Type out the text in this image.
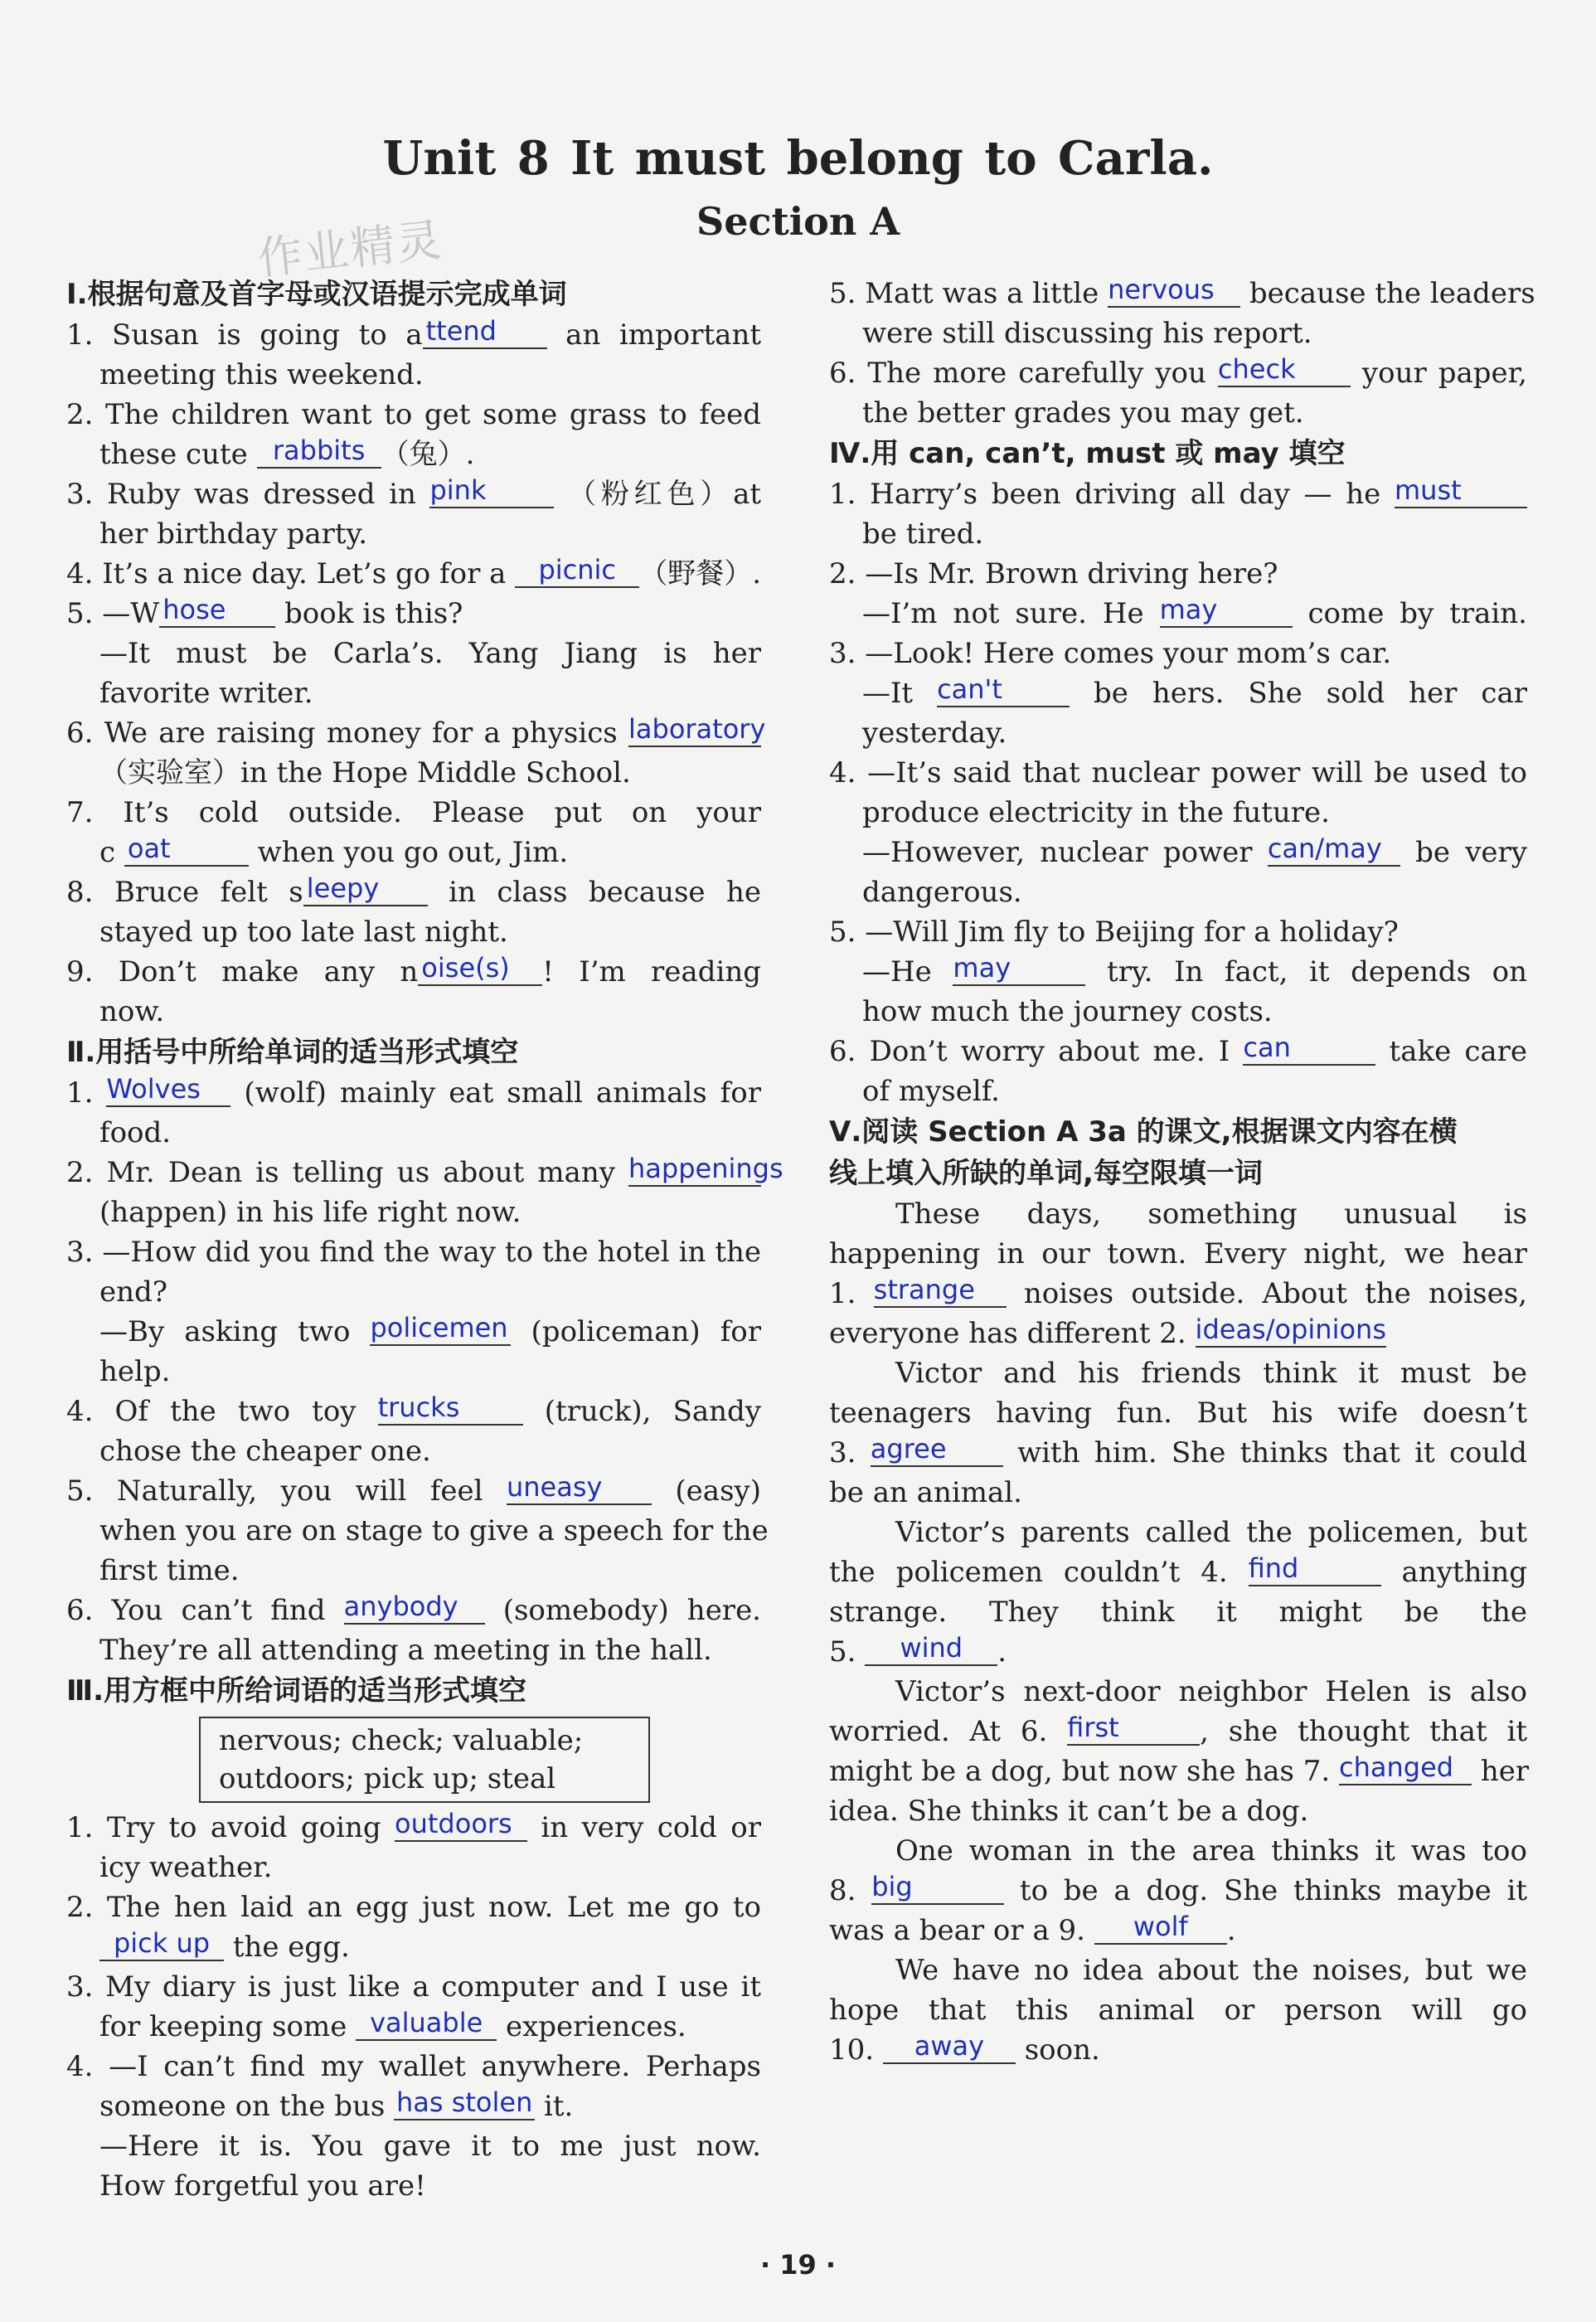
Unit 8 It must belong to Carla.
Section A
作业精灵
Ⅰ.根据句意及首字母或汉语提示完成单词
1. Susan is going to a ttend an important
meeting this weekend.
2. The children want to get some grass to feed
these cute rabbits （兔）.
3. Ruby was dressed in pink	（粉红色）at
her birthday party.
4. It’s a nice day. Let’s go for a	picnic （野餐）.
5. —W hose book is this?
—It must be Carla’s. Yang Jiang is her
favorite writer.
6. We are raising money for a physics laboratory
（实验室）in the Hope Middle School.
7. It’s cold outside. Please put on your
c oat	when you go out, Jim.
8. Bruce felt s leepy in class because he
stayed up too late last night.
9. Don’t make any n oise(s) ! I’m reading
now.
Ⅱ.用括号中所给单词的适当形式填空
1. Wolves	(wolf) mainly eat small animals for
food.
2. Mr. Dean is telling us about many happenings
(happen) in his life right now.
3. —How did you find the way to the hotel in the
end?
—By asking two policemen (policeman) for
help.
4. Of the two toy trucks	(truck), Sandy
chose the cheaper one.
5. Naturally, you will feel uneasy	(easy)
when you are on stage to give a speech for the
first time.
6. You can’t find anybody	(somebody) here.
They’re all attending a meeting in the hall.
Ⅲ.用方框中所给词语的适当形式填空
nervous; check; valuable;
outdoors; pick up; steal
1. Try to avoid going outdoors	in very cold or
icy weather.
2. The hen laid an egg just now. Let me go to
pick up the egg.
3. My diary is just like a computer and I use it
for keeping some valuable experiences.
4. —I can’t find my wallet anywhere. Perhaps
someone on the bus has stolen it.
—Here it is. You gave it to me just now.
How forgetful you are!
5. Matt was a little nervous	because the leaders
were still discussing his report.
6. The more carefully you check	your paper,
the better grades you may get.
Ⅳ.用 can, can’t, must 或 may 填空
1. Harry’s been driving all day — he must
be tired.
2. —Is Mr. Brown driving here?
—I’m not sure. He may	come by train.
3. —Look! Here comes your mom’s car.
—It can't	be hers. She sold her car
yesterday.
4. —It’s said that nuclear power will be used to
produce electricity in the future.
—However, nuclear power can/may	be very
dangerous.
5. —Will Jim fly to Beijing for a holiday?
—He may	try. In fact, it depends on
how much the journey costs.
6. Don’t worry about me. I can	take care
of myself.
Ⅴ.阅读 Section A 3a 的课文,根据课文内容在横
线上填入所缺的单词,每空限填一词
These days, something unusual is
happening in our town. Every night, we hear
1. strange	noises outside. About the noises,
everyone has different 2. ideas/opinions
Victor and his friends think it must be
teenagers having fun. But his wife doesn’t
3. agree	with him. She thinks that it could
be an animal.
Victor’s parents called the policemen, but
the policemen couldn’t 4. find	anything
strange. They think it might be the
5.	wind	.
Victor’s next-door neighbor Helen is also
worried. At 6. first	, she thought that it
might be a dog, but now she has 7. changed her
idea. She thinks it can’t be a dog.
One woman in the area thinks it was too
8. big	to be a dog. She thinks maybe it
was a bear or a 9.	wolf	.
We have no idea about the noises, but we
hope that this animal or person will go
10.	away	soon.
· 19 ·
